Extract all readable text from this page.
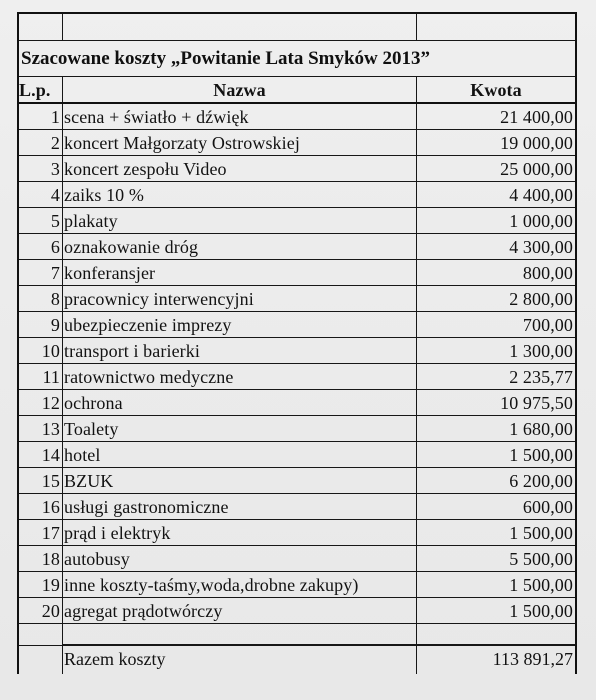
Szacowane koszty „Powitanie Lata Smyków 2013”
L.p.	Nazwa	Kwota
1 scena + światło + dźwięk	21 400,00
2 koncert Małgorzaty Ostrowskiej	19 000,00
3 koncert zespołu Video	25 000,00
4 zaiks 10 %	4 400,00
5 plakaty	1 000,00
6 oznakowanie dróg	4 300,00
7 konferansjer	800,00
8 pracownicy interwencyjni	2 800,00
9 ubezpieczenie imprezy	700,00
10 transport i barierki	1 300,00
11 ratownictwo medyczne	2 235,77
12 ochrona	10 975,50
13 Toalety	1 680,00
14 hotel	1 500,00
15 BZUK	6 200,00
16 usługi gastronomiczne	600,00
17 prąd i elektryk	1 500,00
18 autobusy	5 500,00
19 inne koszty-taśmy,woda,drobne zakupy)	1 500,00
20 agregat prądotwórczy	1 500,00
Razem koszty	113 891,27
